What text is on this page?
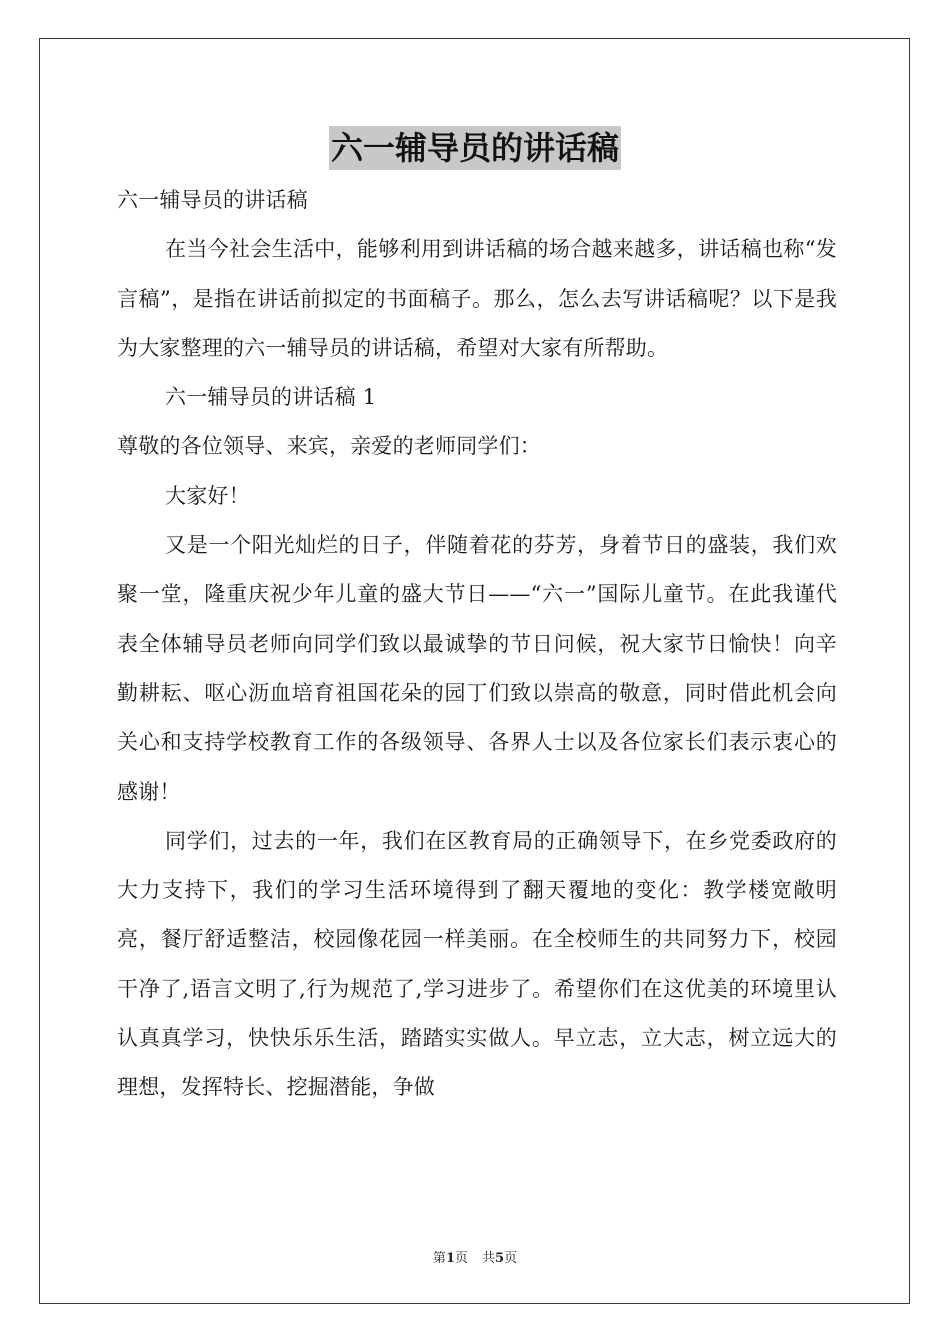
六一辅导员的讲话稿

六一辅导员的讲话稿

在当今社会生活中，能够利用到讲话稿的场合越来越多，讲话稿也称“发言稿”，是指在讲话前拟定的书面稿子。那么，怎么去写讲话稿呢？以下是我为大家整理的六一辅导员的讲话稿，希望对大家有所帮助。

六一辅导员的讲话稿 1

尊敬的各位领导、来宾，亲爱的老师同学们：

大家好！

又是一个阳光灿烂的日子，伴随着花的芬芳，身着节日的盛装，我们欢聚一堂，隆重庆祝少年儿童的盛大节日——“六一”国际儿童节。在此我谨代表全体辅导员老师向同学们致以最诚挚的节日问候，祝大家节日愉快！向辛勤耕耘、呕心沥血培育祖国花朵的园丁们致以崇高的敬意，同时借此机会向关心和支持学校教育工作的各级领导、各界人士以及各位家长们表示衷心的感谢！

同学们，过去的一年，我们在区教育局的正确领导下，在乡党委政府的大力支持下，我们的学习生活环境得到了翻天覆地的变化：教学楼宽敞明亮，餐厅舒适整洁，校园像花园一样美丽。在全校师生的共同努力下，校园干净了,语言文明了,行为规范了,学习进步了。希望你们在这优美的环境里认认真真学习，快快乐乐生活，踏踏实实做人。早立志，立大志，树立远大的理想，发挥特长、挖掘潜能，争做

第1页 共5页
